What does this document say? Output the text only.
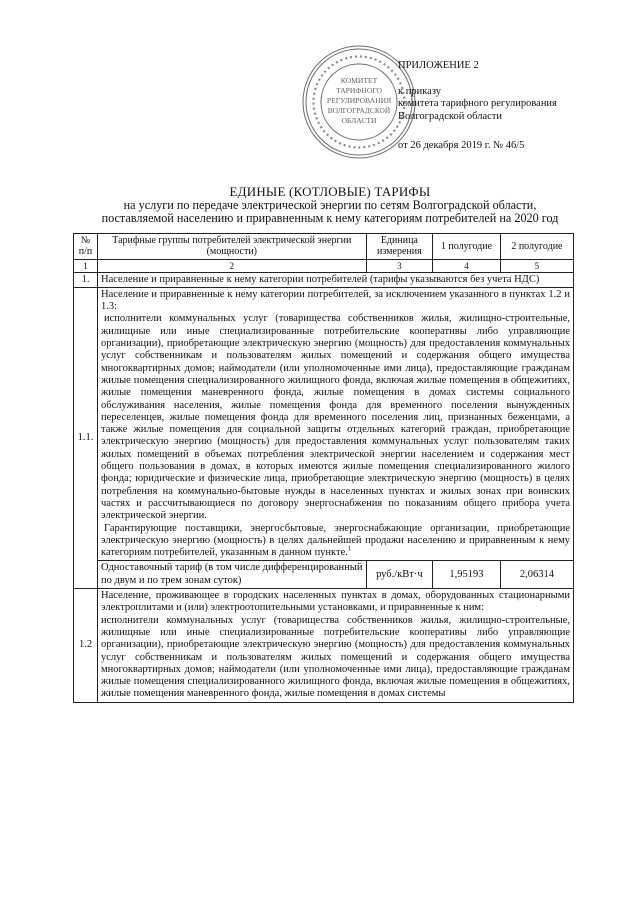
КОМИТЕТ
ТАРИФНОГО
РЕГУЛИРОВАНИЯ
ВОЛГОГРАДСКОЙ
ОБЛАСТИ
ПРИЛОЖЕНИЕ 2
к приказу
комитета тарифного регулирования
Волгоградской области
от 26 декабря 2019 г. № 46/5
ЕДИНЫЕ (КОТЛОВЫЕ) ТАРИФЫ
на услуги по передаче электрической энергии по сетям Волгоградской области,
поставляемой населению и приравненным к нему категориям потребителей на 2020 год
№ п/п	Тарифные группы потребителей электрической энергии (мощности)	Единица измерения	1 полугодие	2 полугодие
1	2	3	4	5
1.	Население и приравненные к нему категории потребителей (тарифы указываются без учета НДС)			
1.1.	Население и приравненные к нему категории потребителей, за исключением указанного в пунктах 1.2 и 1.3:

исполнители коммунальных услуг (товарищества собственников жилья, жилищно-строительные, жилищные или иные специализированные потребительские кооперативы либо управляющие организации), приобретающие электрическую энергию (мощность) для предоставления коммунальных услуг собственникам и пользователям жилых помещений и содержания общего имущества многоквартирных домов; наймодатели (или уполномоченные ими лица), предоставляющие гражданам жилые помещения специализированного жилищного фонда, включая жилые помещения в общежитиях, жилые помещения маневренного фонда, жилые помещения в домах системы социального обслуживания населения, жилые помещения фонда для временного поселения вынужденных переселенцев, жилые помещения фонда для временного поселения лиц, признанных беженцами, а также жилые помещения для социальной защиты отдельных категорий граждан, приобретающие электрическую энергию (мощность) для предоставления коммунальных услуг пользователям таких жилых помещений в объемах потребления электрической энергии населением и содержания мест общего пользования в домах, в которых имеются жилые помещения специализированного жилого фонда; юридические и физические лица, приобретающие электрическую энергию (мощность) в целях потребления на коммунально-бытовые нужды в населенных пунктах и жилых зонах при воинских частях и рассчитывающиеся по договору энергоснабжения по показаниям общего прибора учета электрической энергии.

Гарантирующие поставщики, энергосбытовые, энергоснабжающие организации, приобретающие электрическую энергию (мощность) в целях дальнейшей продажи населению и приравненным к нему категориям потребителей, указанным в данном пункте.$^1$

	Одноставочный тариф (в том числе дифференцированный по двум и по трем зонам суток)	руб./кВт·ч	1,95193	2,06314
1.2	Население, проживающее в городских населенных пунктах в домах, оборудованных стационарными электроплитами и (или) электроотопительными установками, и приравненные к ним:

исполнители коммунальных услуг (товарищества собственников жилья, жилищно-строительные, жилищные или иные специализированные потребительские кооперативы либо управляющие организации), приобретающие электрическую энергию (мощность) для предоставления коммунальных услуг собственникам и пользователям жилых помещений и содержания общего имущества многоквартирных домов; наймодатели (или уполномоченные ими лица), предоставляющие гражданам жилые помещения специализированного жилищного фонда, включая жилые помещения в общежитиях, жилые помещения маневренного фонда, жилые помещения в домах системы			
